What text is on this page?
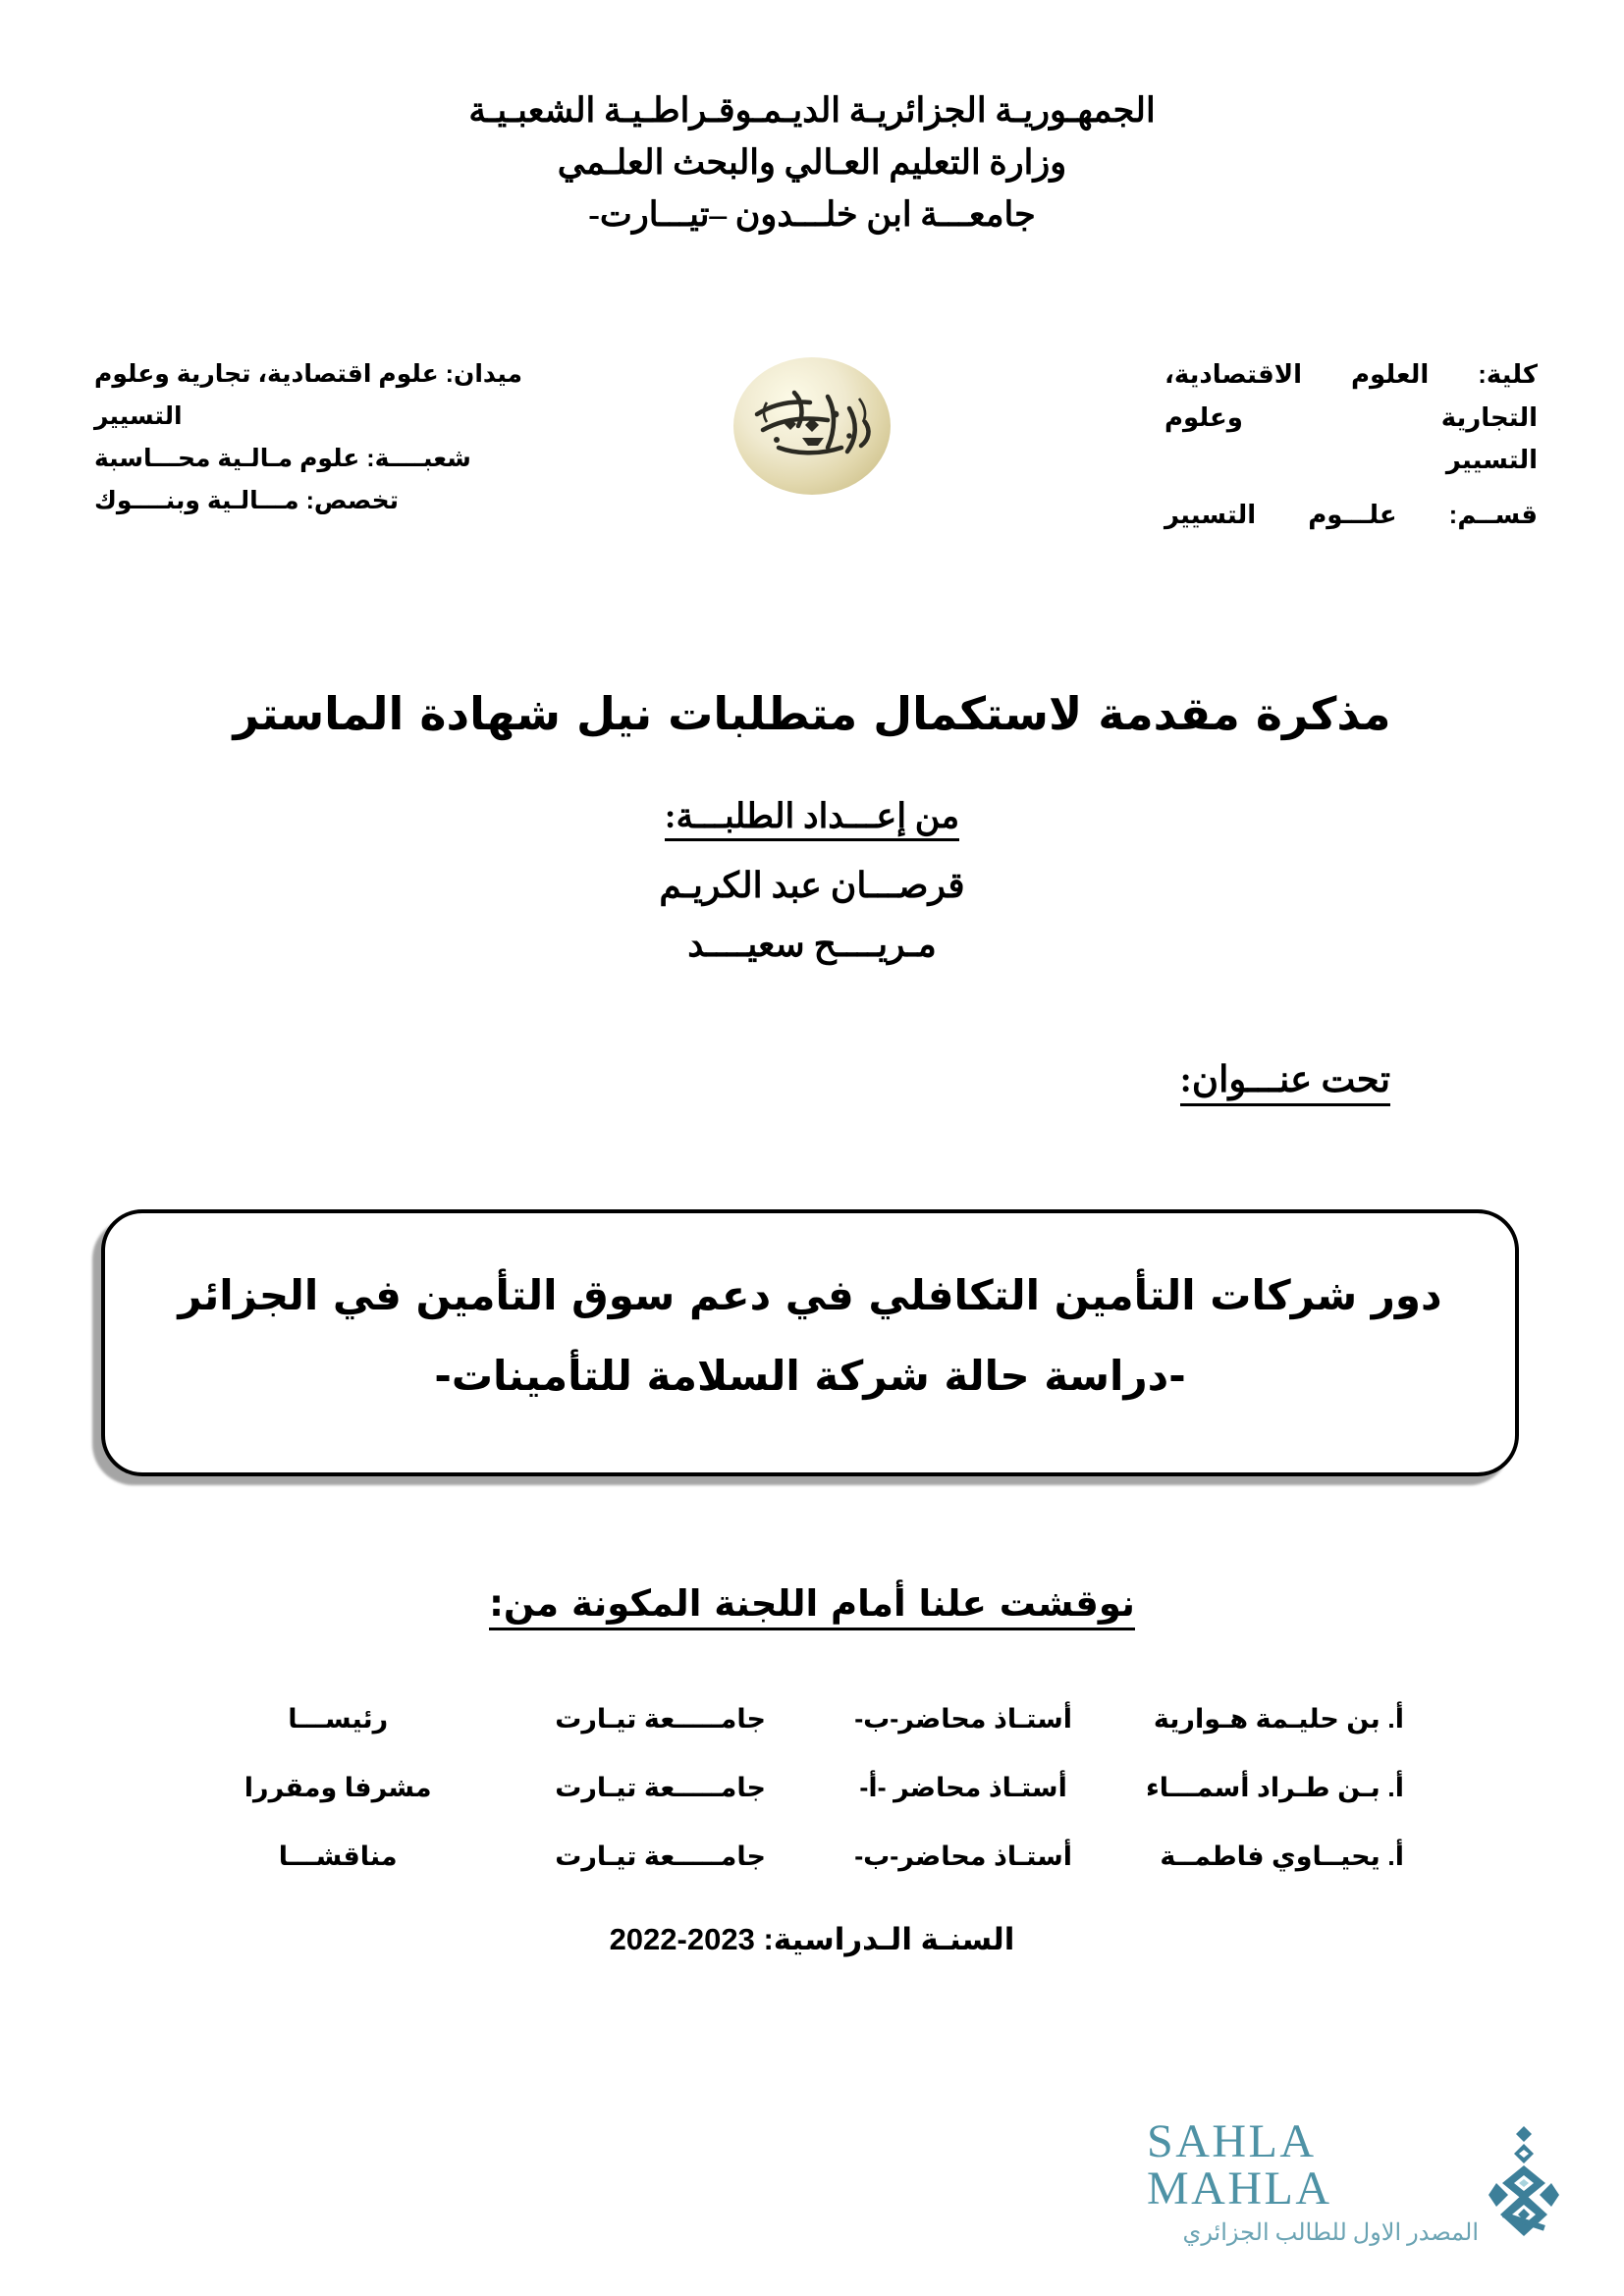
الجمهـوريـة الجزائريـة الديـمـوقـراطـيـة الشعبـيـة
وزارة التعليم العـالي والبحث العلـمي
جامعـــة ابن خلـــدون –تيـــارت-
كلية: العلوم الاقتصادية، التجارية وعلوم
التسيير
قســم: علـــوم التسيير
ميدان: علوم اقتصادية، تجارية وعلوم التسيير
شعبــــة: علوم مـالـية محـــاسبة
تخصص: مـــالـية وبنــــوك
مذكرة مقدمة لاستكمال متطلبات نيل شهادة الماستر
من إعـــداد الطلبـــة:
قرصـــان عبد الكريـم
مـريــــح سعيــــد
تحت عنـــوان:
دور شركات التأمين التكافلي في دعم سوق التأمين في الجزائر
-دراسة حالة شركة السلامة للتأمينات-
نوقشت علنا أمام اللجنة المكونة من:
أ. بن حليـمة هـوارية
أستـاذ محاضر-ب-
جامـــــعة تيـارت
رئيســـا
أ. بـن طـراد أسمـــاء
أستـاذ محاضر -أ-
جامـــــعة تيـارت
مشرفا ومقررا
أ. يحيــاوي فاطمــة
أستـاذ محاضر-ب-
جامـــــعة تيـارت
مناقشـــا
السنـة الـدراسية: 2022-2023
SAHLA MAHLA
المصدر الاول للطالب الجزائري
